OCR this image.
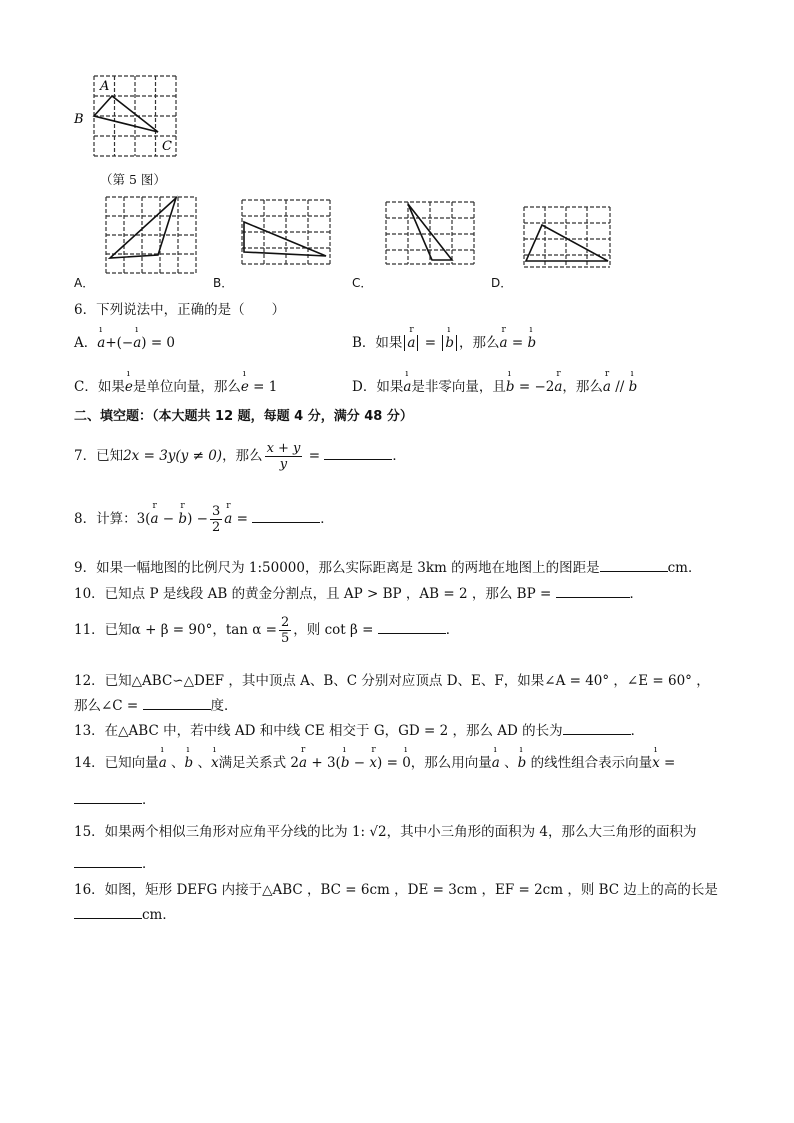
A
B
C
（第 5 图）
A．	B．	C．	D．
6．下列说法中，正确的是（　　）
A．ı a+(−ı a) = 0	B．如果 r a = ı b ，那么r a = ı b
C．如果ı e是单位向量，那么ı e = 1	D．如果ı a是非零向量，且ı b = −2r a，那么r a // ı b
二、填空题：（本大题共 12 题，每题 4 分，满分 48 分）
7．已知2x = 3y(y ≠ 0)，那么 $\frac{x + y}{y}$ =	．
8．计算：3(r a − r $b) - \frac{3}{2}$ r a =	．
9．如果一幅地图的比例尺为 1:50000，那么实际距离是 3km 的两地在地图上的图距是	cm．
10．已知点 P 是线段 AB 的黄金分割点，且 AP > BP ，AB = 2 ，那么 BP =	．
11．已知α + β = 90°，$\tan \alpha = \frac{2}{5}$ ，则 cot β =	．
12．已知△ABC∽△DEF ，其中顶点 A、B、C 分别对应顶点 D、E、F，如果∠A = 40° ，∠E = 60° ，
那么∠C =	度．
13．在△ABC 中，若中线 AD 和中线 CE 相交于 G，GD = 2 ，那么 AD 的长为	．
14．已知向量ı a 、ı b 、ı x满足关系式 2r a + 3(ı b − r x) = ı 0，那么用向量ı a 、ı b 的线性组合表示向量ı x =
．
15．如果两个相似三角形对应角平分线的比为 1: √2，其中小三角形的面积为 4，那么大三角形的面积为
．
16．如图，矩形 DEFG 内接于△ABC ，BC = 6cm ，DE = 3cm ，EF = 2cm ，则 BC 边上的高的长是
cm．
